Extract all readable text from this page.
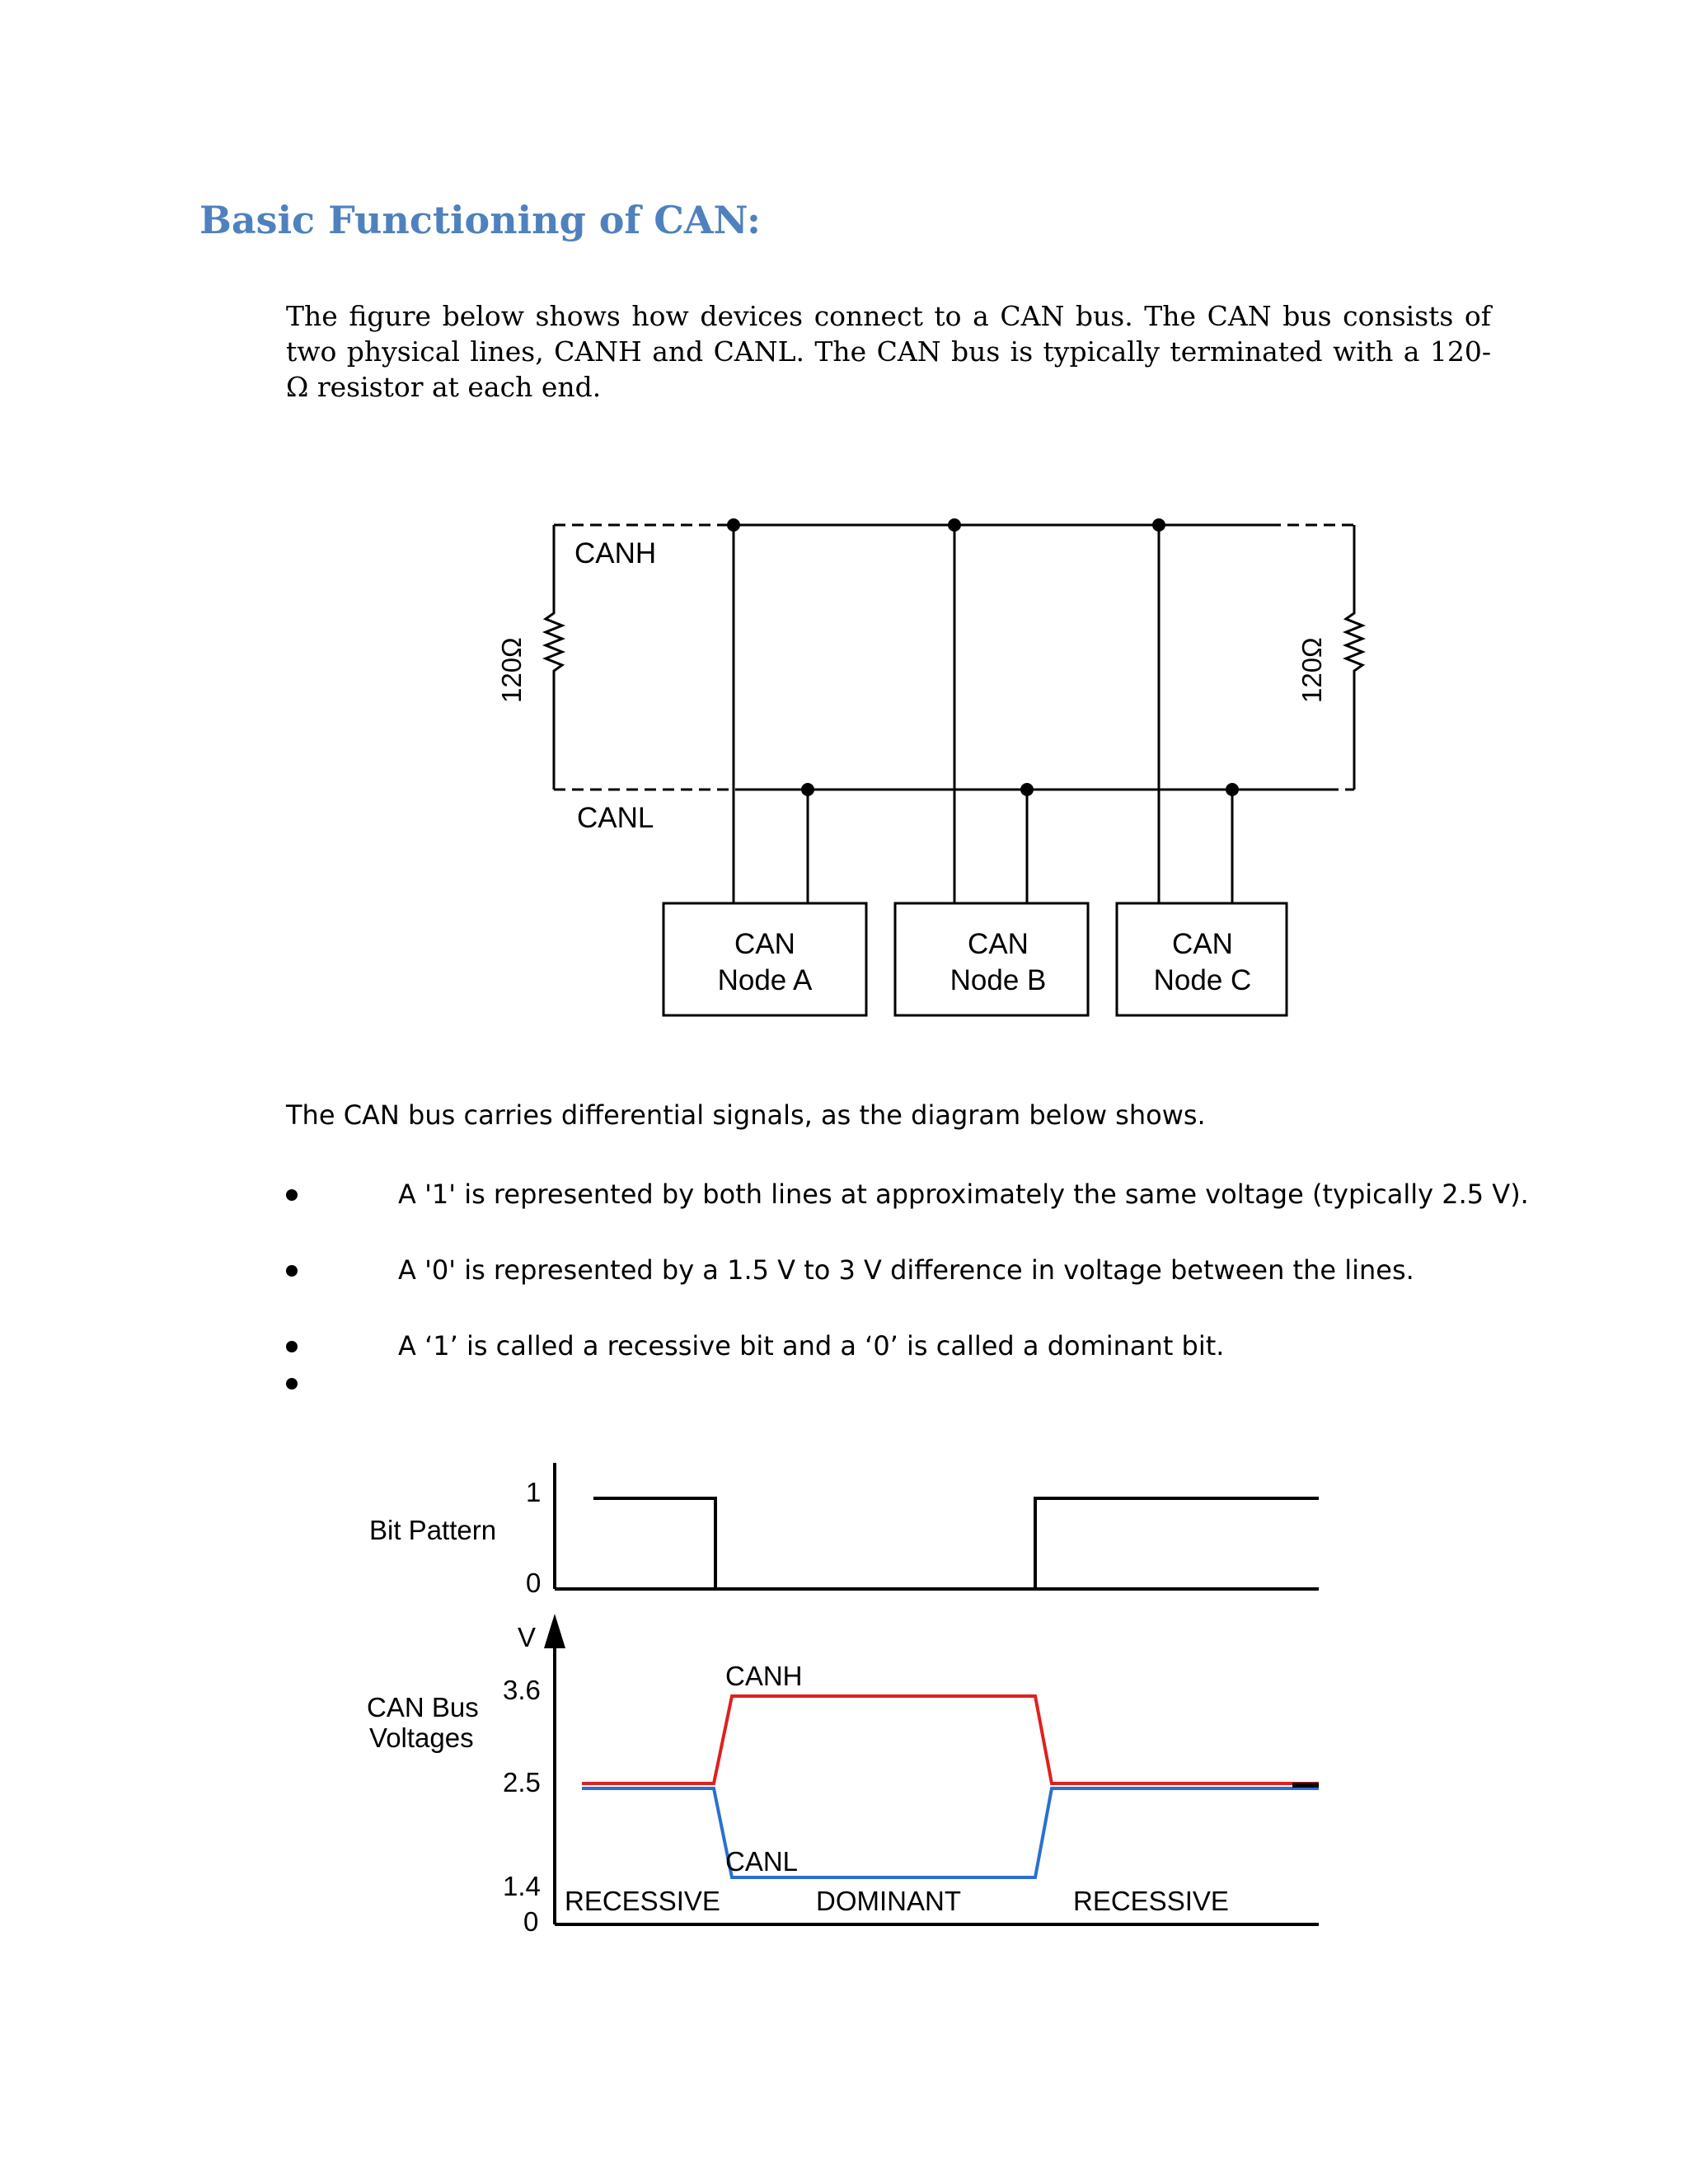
Basic Functioning of CAN:

The figure below shows how devices connect to a CAN bus. The CAN bus consists of two physical lines, CANH and CANL. The CAN bus is typically terminated with a 120-Ω resistor at each end.

CANH
CANL
120Ω	120Ω
CAN
Node A
CAN
Node B
CAN
Node C

The CAN bus carries differential signals, as the diagram below shows.

A '1' is represented by both lines at approximately the same voltage (typically 2.5 V).
A '0' is represented by a 1.5 V to 3 V difference in voltage between the lines.
A ‘1’ is called a recessive bit and a ‘0’ is called a dominant bit.
Bit Pattern
1
0
V
CAN Bus
Voltages
3.6
2.5
1.4
0
CANH
CANL
RECESSIVE	DOMINANT	RECESSIVE
